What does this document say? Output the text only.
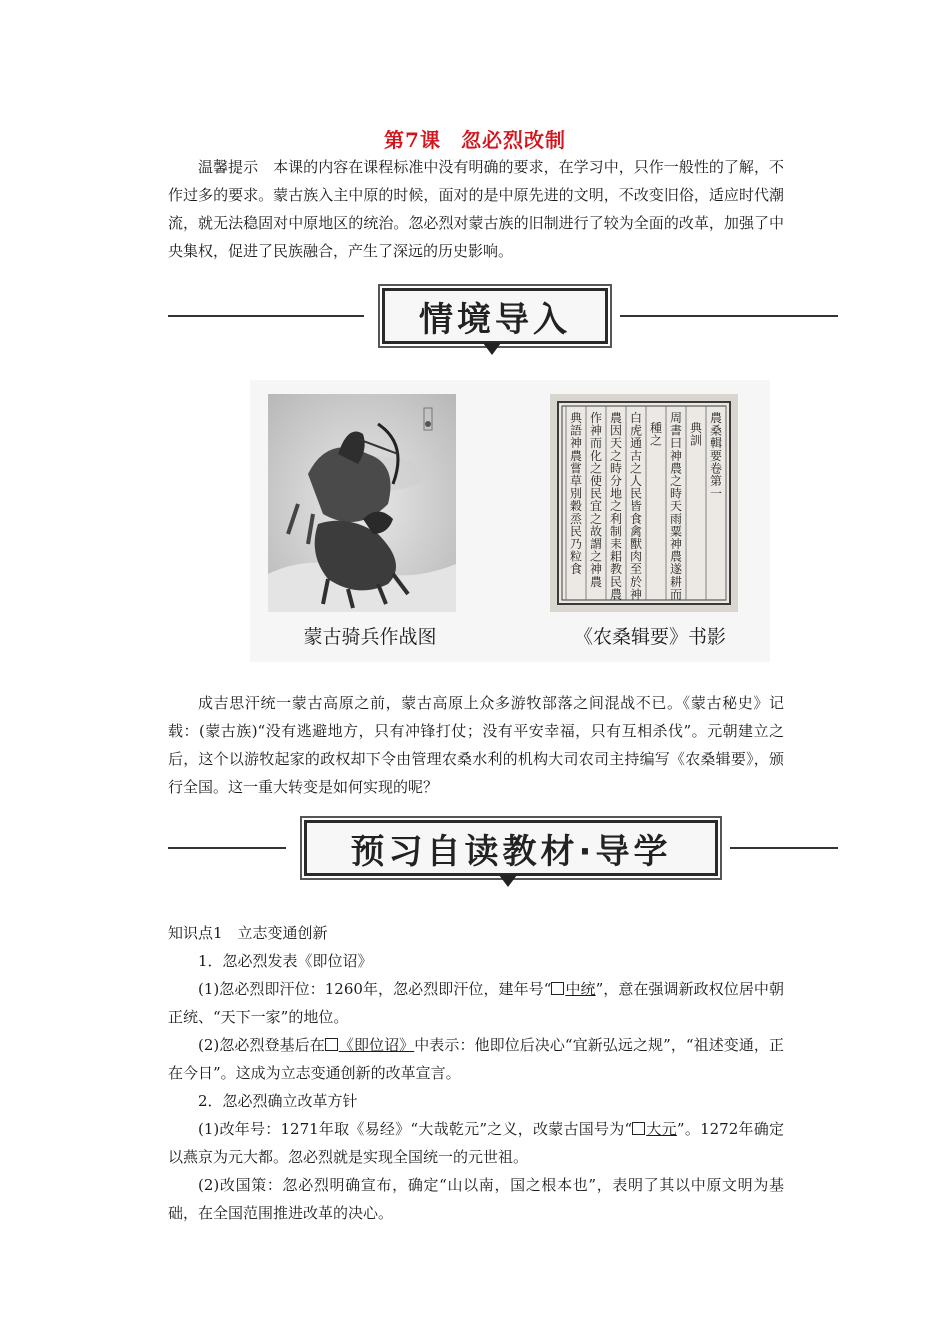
第7课 忽必烈改制

温馨提示　本课的内容在课程标准中没有明确的要求，在学习中，只作一般性的了解，不作过多的要求。蒙古族入主中原的时候，面对的是中原先进的文明，不改变旧俗，适应时代潮流，就无法稳固对中原地区的统治。忽必烈对蒙古族的旧制进行了较为全面的改革，加强了中央集权，促进了民族融合，产生了深远的历史影响。

情境导入
農
桑
輯
要
卷
第
一
典
訓
周
書
曰
神
農
之
時
天
雨
粟
神
農
遂
耕
而
種
之
白
虎
通
古
之
人
民
皆
食
禽
獸
肉
至
於
神
農
因
天
之
時
分
地
之
利
制
耒
耜
教
民
農
作
神
而
化
之
使
民
宜
之
故
謂
之
神
農
典
語
神
農
嘗
草
別
穀
烝
民
乃
粒
食
蒙古骑兵作战图	《农桑辑要》书影

成吉思汗统一蒙古高原之前，蒙古高原上众多游牧部落之间混战不已。《蒙古秘史》记载：(蒙古族)“没有逃避地方，只有冲锋打仗；没有平安幸福，只有互相杀伐”。元朝建立之后，这个以游牧起家的政权却下令由管理农桑水利的机构大司农司主持编写《农桑辑要》，颁行全国。这一重大转变是如何实现的呢？

预习自读教材·导学

知识点1　立志变通创新

1．忽必烈发表《即位诏》

(1)忽必烈即汗位：1260年，忽必烈即汗位，建年号“ 中统”，意在强调新政权位居中朝正统、“天下一家”的地位。

(2)忽必烈登基后在 《即位诏》中表示：他即位后决心“宜新弘远之规”，“祖述变通，正在今日”。这成为立志变通创新的改革宣言。

2．忽必烈确立改革方针

(1)改年号：1271年取《易经》“大哉乾元”之义，改蒙古国号为“ 大元”。1272年确定以燕京为元大都。忽必烈就是实现全国统一的元世祖。

(2)改国策：忽必烈明确宣布，确定“山以南，国之根本也”，表明了其以中原文明为基础，在全国范围推进改革的决心。
